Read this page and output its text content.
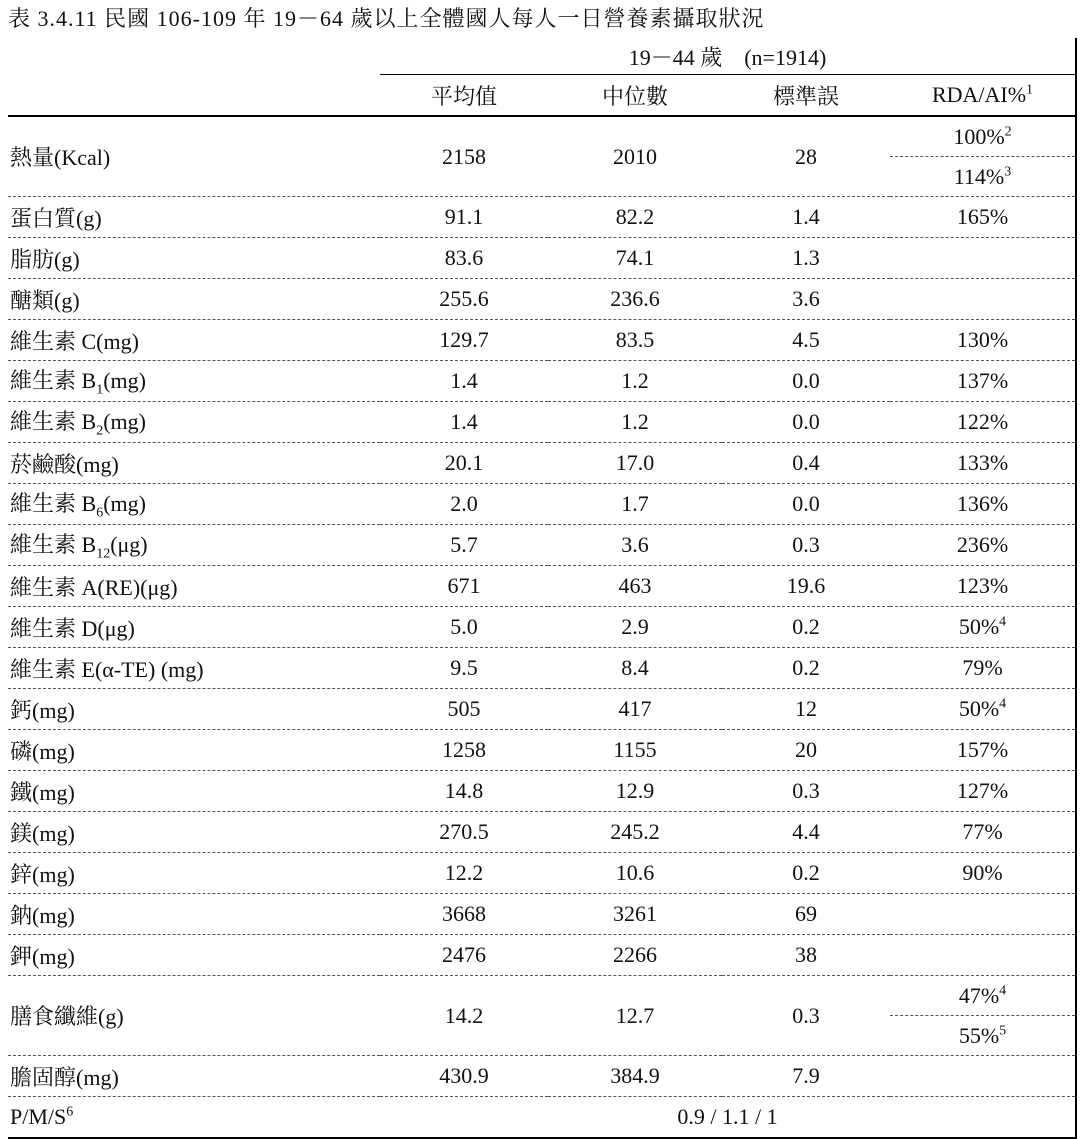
表 3.4.11 民國 106-109 年 19－64 歲以上全體國人每人一日營養素攝取狀況
	19－44 歲　(n=1914)			
	平均值	中位數	標準誤	RDA/AI%$^1$
熱量(Kcal)	2158	2010	28	100%$^2$
				114%$^3$
蛋白質(g)	91.1	82.2	1.4	165%
脂肪(g)	83.6	74.1	1.3	
醣類(g)	255.6	236.6	3.6	
維生素 C(mg)	129.7	83.5	4.5	130%
維生素 $B_1(mg)$	1.4	1.2	0.0	137%
維生素 $B_2(mg)$	1.4	1.2	0.0	122%
菸鹼酸(mg)	20.1	17.0	0.4	133%
維生素 $B_6(mg)$	2.0	1.7	0.0	136%
維生素 $B_{12}(\mu g)$	5.7	3.6	0.3	236%
維生素 A(RE)(μg)	671	463	19.6	123%
維生素 D(μg)	5.0	2.9	0.2	50%$^4$
維生素 E(α-TE) (mg)	9.5	8.4	0.2	79%
鈣(mg)	505	417	12	50%$^4$
磷(mg)	1258	1155	20	157%
鐵(mg)	14.8	12.9	0.3	127%
鎂(mg)	270.5	245.2	4.4	77%
鋅(mg)	12.2	10.6	0.2	90%
鈉(mg)	3668	3261	69	
鉀(mg)	2476	2266	38	
膳食纖維(g)	14.2	12.7	0.3	47%$^4$
				55%$^5$
膽固醇(mg)	430.9	384.9	7.9	
$P/M/S^6$	0.9 / 1.1 / 1			
